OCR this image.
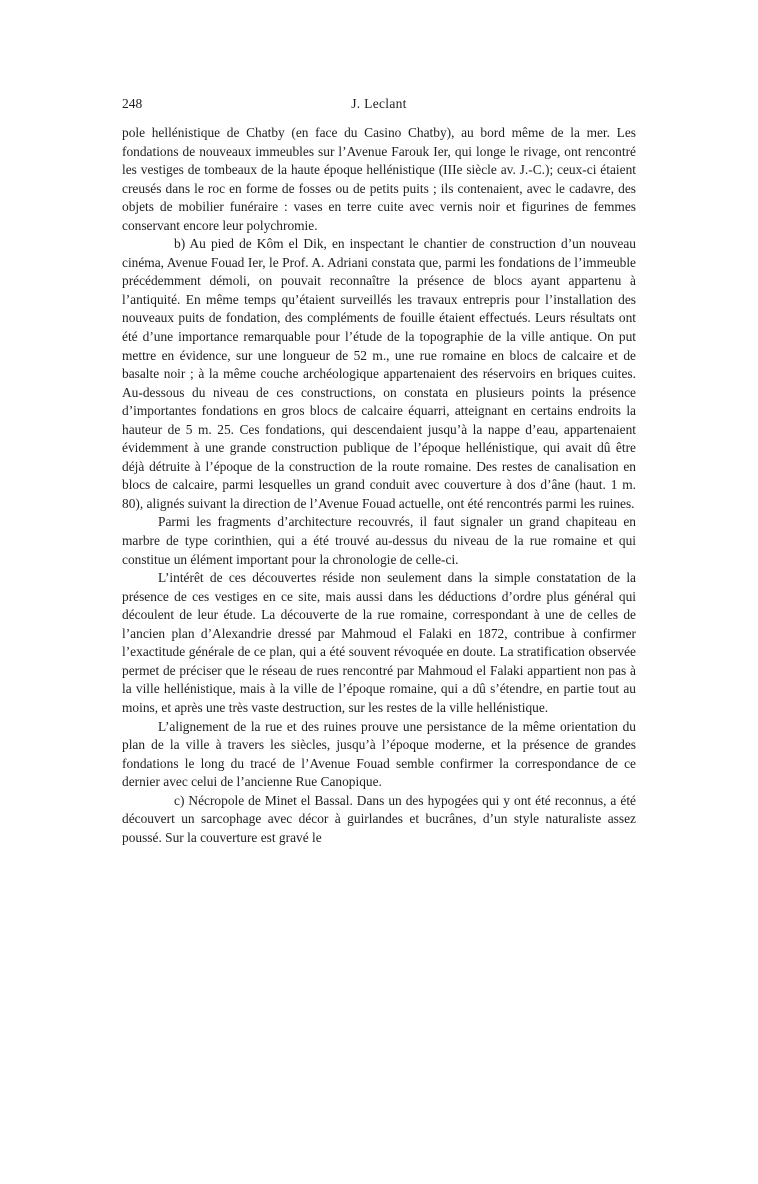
248	J. Leclant

pole hellénistique de Chatby (en face du Casino Chatby), au bord même de la mer. Les fondations de nouveaux immeubles sur l’Avenue Farouk Ier, qui longe le rivage, ont rencontré les vestiges de tombeaux de la haute époque hellénistique (IIIe siècle av. J.-C.); ceux-ci étaient creusés dans le roc en forme de fosses ou de petits puits ; ils contenaient, avec le cadavre, des objets de mobilier funéraire : vases en terre cuite avec vernis noir et figurines de femmes conservant encore leur polychromie.

b) Au pied de Kôm el Dik, en inspectant le chantier de construction d’un nouveau cinéma, Avenue Fouad Ier, le Prof. A. Adriani constata que, parmi les fondations de l’immeuble précédemment démoli, on pouvait reconnaître la présence de blocs ayant appartenu à l’antiquité. En même temps qu’étaient surveillés les travaux entrepris pour l’installation des nouveaux puits de fondation, des compléments de fouille étaient effectués. Leurs résultats ont été d’une importance remarquable pour l’étude de la topographie de la ville antique. On put mettre en évidence, sur une longueur de 52 m., une rue romaine en blocs de calcaire et de basalte noir ; à la même couche archéologique appartenaient des réservoirs en briques cuites. Au-dessous du niveau de ces constructions, on constata en plusieurs points la présence d’importantes fondations en gros blocs de calcaire équarri, atteignant en certains endroits la hauteur de 5 m. 25. Ces fondations, qui descendaient jusqu’à la nappe d’eau, appartenaient évidemment à une grande construction publique de l’époque hellénistique, qui avait dû être déjà détruite à l’époque de la construction de la route romaine. Des restes de canalisation en blocs de calcaire, parmi lesquelles un grand conduit avec couverture à dos d’âne (haut. 1 m. 80), alignés suivant la direction de l’Avenue Fouad actuelle, ont été rencontrés parmi les ruines.

Parmi les fragments d’architecture recouvrés, il faut signaler un grand chapiteau en marbre de type corinthien, qui a été trouvé au-dessus du niveau de la rue romaine et qui constitue un élément important pour la chronologie de celle-ci.

L’intérêt de ces découvertes réside non seulement dans la simple constatation de la présence de ces vestiges en ce site, mais aussi dans les déductions d’ordre plus général qui découlent de leur étude. La découverte de la rue romaine, correspondant à une de celles de l’ancien plan d’Alexandrie dressé par Mahmoud el Falaki en 1872, contribue à confirmer l’exactitude générale de ce plan, qui a été souvent révoquée en doute. La stratification observée permet de préciser que le réseau de rues rencontré par Mahmoud el Falaki appartient non pas à la ville hellénistique, mais à la ville de l’époque romaine, qui a dû s’étendre, en partie tout au moins, et après une très vaste destruction, sur les restes de la ville hellénistique.

L’alignement de la rue et des ruines prouve une persistance de la même orientation du plan de la ville à travers les siècles, jusqu’à l’époque moderne, et la présence de grandes fondations le long du tracé de l’Avenue Fouad semble confirmer la correspondance de ce dernier avec celui de l’ancienne Rue Canopique.

c) Nécropole de Minet el Bassal. Dans un des hypogées qui y ont été reconnus, a été découvert un sarcophage avec décor à guirlandes et bucrânes, d’un style naturaliste assez poussé. Sur la couverture est gravé le
